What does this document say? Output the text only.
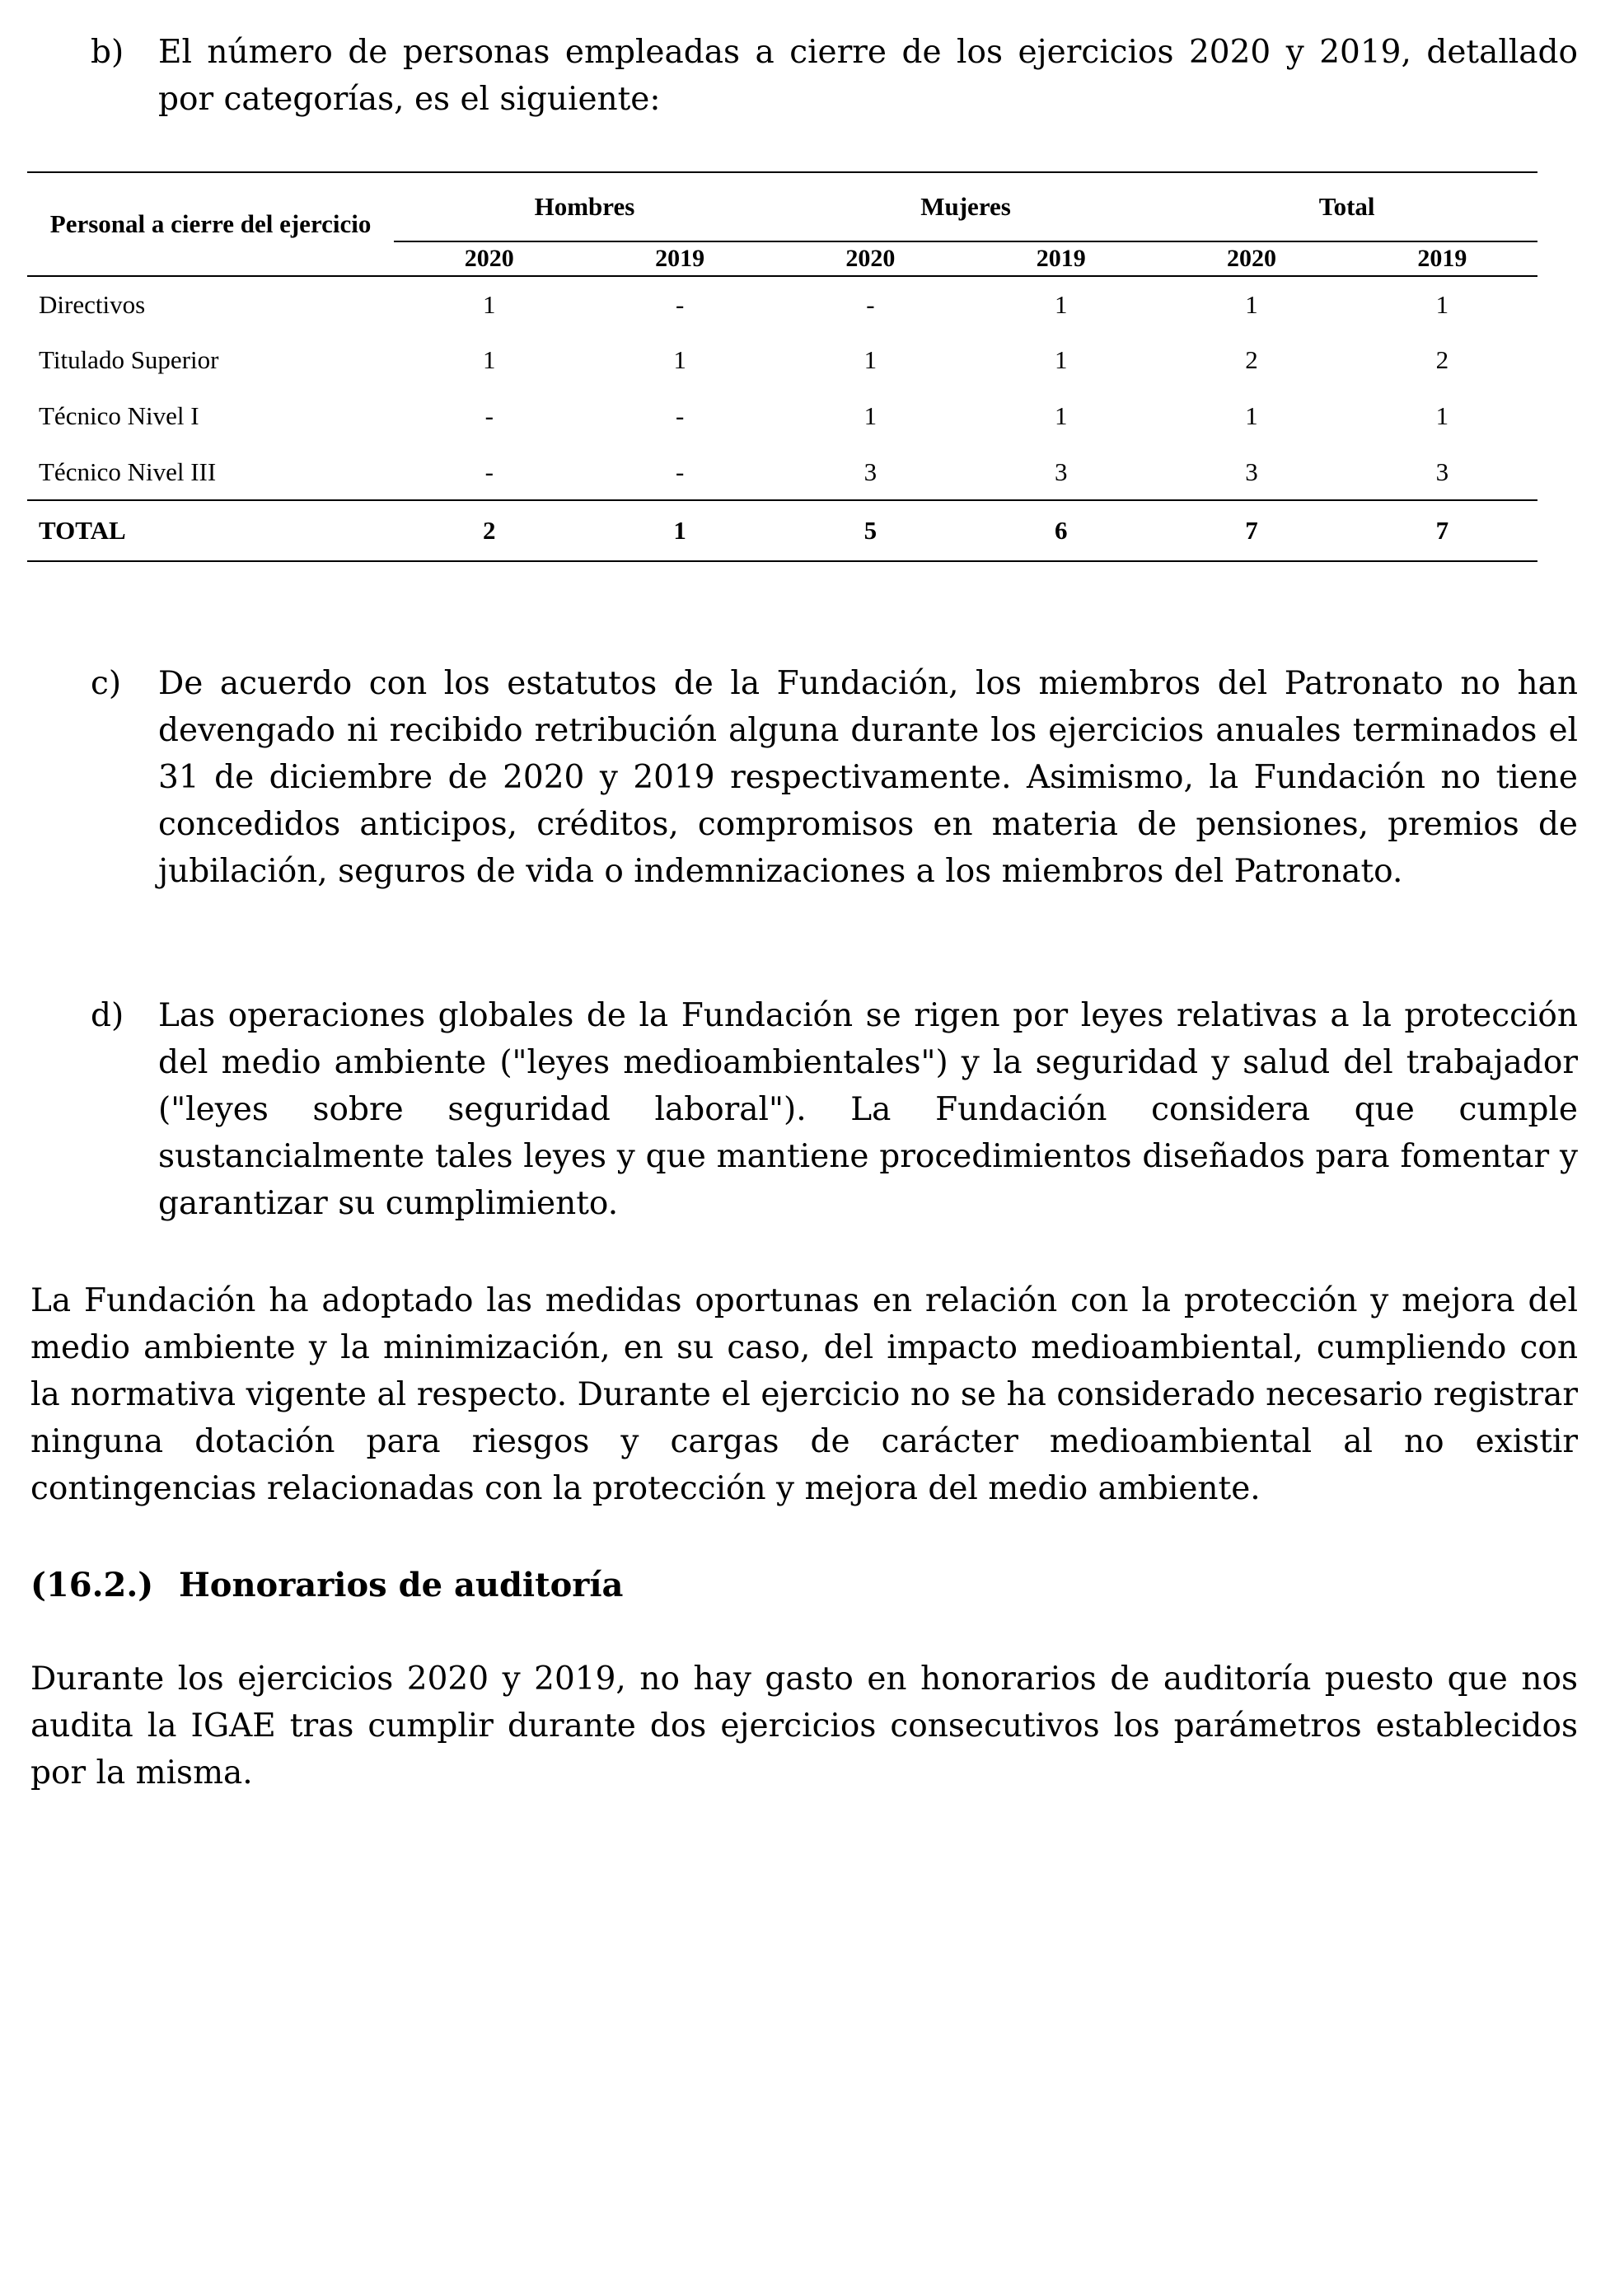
b)	El número de personas empleadas a cierre de los ejercicios 2020 y 2019, detallado por categorías, es el siguiente:
Personal a cierre del ejercicio	Hombres		Mujeres		Total	
	2020	2019	2020	2019	2020	2019
Directivos	1	-	-	1	1	1
Titulado Superior	1	1	1	1	2	2
Técnico Nivel I	-	-	1	1	1	1
Técnico Nivel III	-	-	3	3	3	3
TOTAL	2	1	5	6	7	7
c)	De acuerdo con los estatutos de la Fundación, los miembros del Patronato no han devengado ni recibido retribución alguna durante los ejercicios anuales terminados el 31 de diciembre de 2020 y 2019 respectivamente. Asimismo, la Fundación no tiene concedidos anticipos, créditos, compromisos en materia de pensiones, premios de jubilación, seguros de vida o indemnizaciones a los miembros del Patronato.
d)	Las operaciones globales de la Fundación se rigen por leyes relativas a la protección del medio ambiente ("leyes medioambientales") y la seguridad y salud del trabajador ("leyes sobre seguridad laboral"). La Fundación considera que cumple sustancialmente tales leyes y que mantiene procedimientos diseñados para fomentar y garantizar su cumplimiento.
La Fundación ha adoptado las medidas oportunas en relación con la protección y mejora del medio ambiente y la minimización, en su caso, del impacto medioambiental, cumpliendo con la normativa vigente al respecto. Durante el ejercicio no se ha considerado necesario registrar ninguna dotación para riesgos y cargas de carácter medioambiental al no existir contingencias relacionadas con la protección y mejora del medio ambiente.
(16.2.) Honorarios de auditoría
Durante los ejercicios 2020 y 2019, no hay gasto en honorarios de auditoría puesto que nos audita la IGAE tras cumplir durante dos ejercicios consecutivos los parámetros establecidos por la misma.
